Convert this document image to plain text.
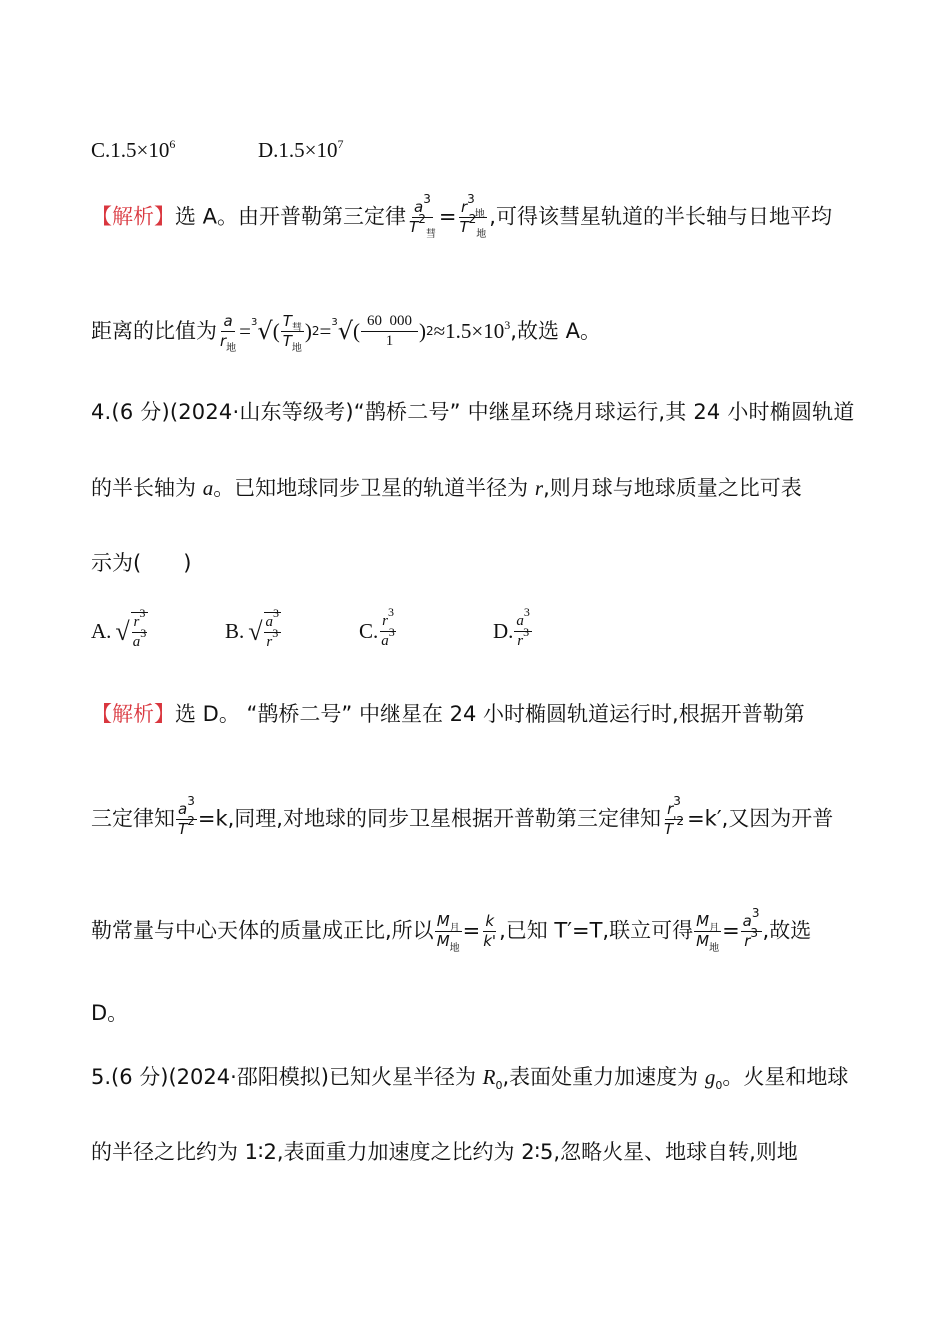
$C.1.5\times 10^6$	$D.1.5\times 10^7$
【解析】选 A。由开普勒第三定律 $\frac{a^3}{T^2_彗} = \frac{r^3_地}{T^2_地}$ ,可得该彗星轨道的半长轴与日地平均
距离的比值为 $\frac{a}{r_地} = 3$ √ ( $\frac{T_彗}{T_地}$ ) 2 = 3 √ ( $\frac{60 000}{1}$ ) $2 \approx 1.5\times 10^3$ ,故选 A。
4.(6 分)(2024·山东等级考)“鹊桥二号” 中继星环绕月球运行,其 24 小时椭圆轨道
的半长轴为 a。已知地球同步卫星的轨道半径为 r,则月球与地球质量之比可表
示为(　　)
A. √ $\frac{r^3}{a^3}$	B. √ $\frac{a^3}{r^3}$	C. $\frac{r^3}{a^3}$	D. $\frac{a^3}{r^3}$
【解析】选 D。 “鹊桥二号” 中继星在 24 小时椭圆轨道运行时,根据开普勒第
三定律知 $\frac{a^3}{T^2} =k$,同理,对地球的同步卫星根据开普勒第三定律知 $\frac{r^3}{T^{'2}} =k'$,又因为开普
勒常量与中心天体的质量成正比,所以 $\frac{M_月}{M_地} = \frac{k}{k'}$ ,已知 T′=T,联立可得 $\frac{M_月}{M_地} = \frac{a^3}{r^3}$ ,故选
D。
5.(6 分)(2024·邵阳模拟)已知火星半径为 $R_0$,表面处重力加速度为 $g_0$。火星和地球
的半径之比约为 1∶2,表面重力加速度之比约为 2∶5,忽略火星、地球自转,则地
